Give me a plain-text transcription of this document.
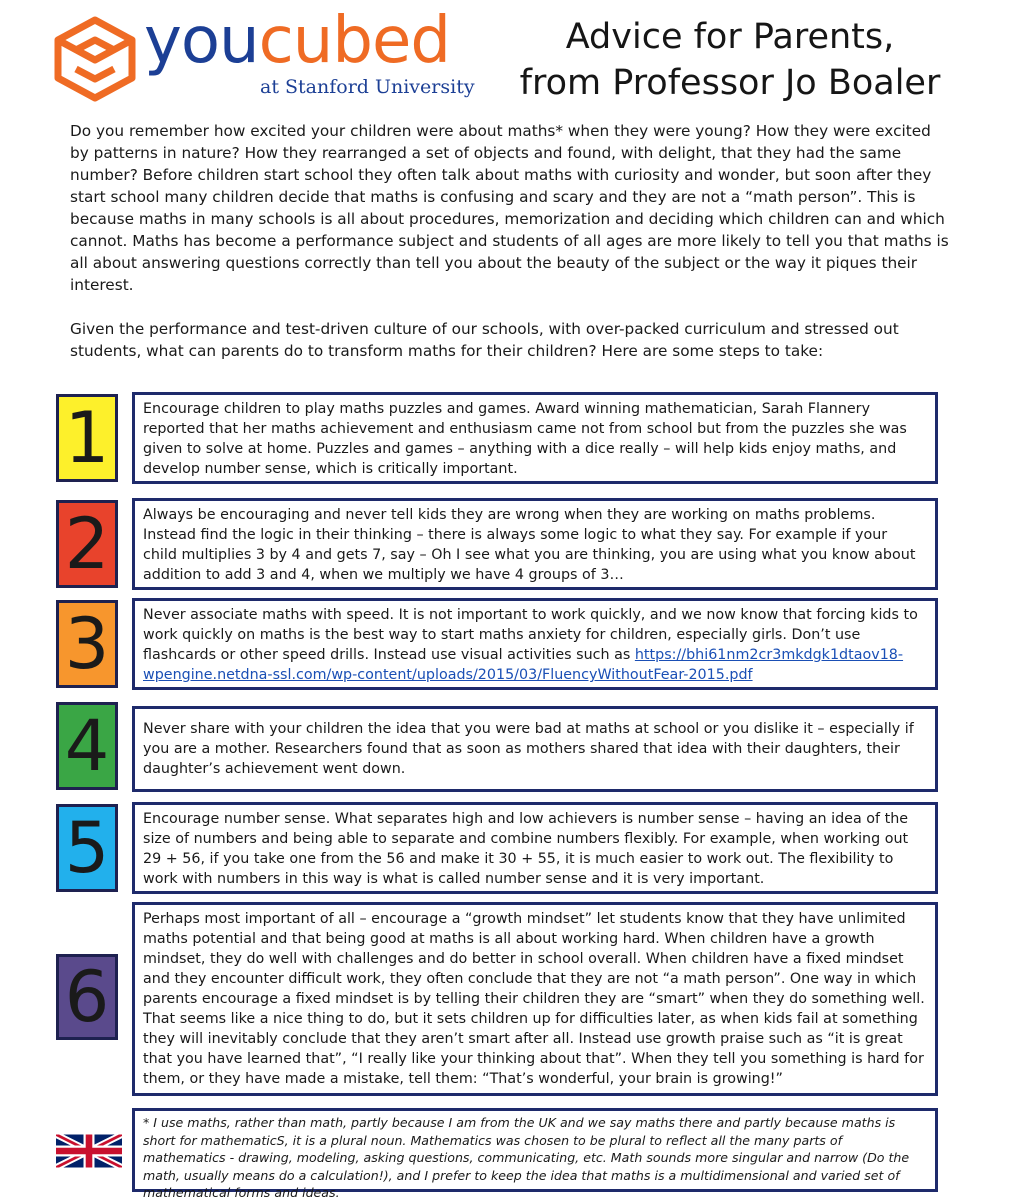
youcubed
at Stanford University
Advice for Parents,
from Professor Jo Boaler

Do you remember how excited your children were about maths* when they were young? How they were excited by patterns in nature? How they rearranged a set of objects and found, with delight, that they had the same number? Before children start school they often talk about maths with curiosity and wonder, but soon after they start school many children decide that maths is confusing and scary and they are not a “math person”. This is because maths in many schools is all about procedures, memorization and deciding which children can and which cannot. Maths has become a performance subject and students of all ages are more likely to tell you that maths is all about answering questions correctly than tell you about the beauty of the subject or the way it piques their interest.

Given the performance and test-driven culture of our schools, with over-packed curriculum and stressed out students, what can parents do to transform maths for their children? Here are some steps to take:

1	Encourage children to play maths puzzles and games. Award winning mathematician, Sarah Flannery reported that her maths achievement and enthusiasm came not from school but from the puzzles she was given to solve at home. Puzzles and games – anything with a dice really – will help kids enjoy maths, and develop number sense, which is critically important.
2	Always be encouraging and never tell kids they are wrong when they are working on maths problems. Instead find the logic in their thinking – there is always some logic to what they say. For example if your child multiplies 3 by 4 and gets 7, say – Oh I see what you are thinking, you are using what you know about addition to add 3 and 4, when we multiply we have 4 groups of 3…
3	Never associate maths with speed. It is not important to work quickly, and we now know that forcing kids to work quickly on maths is the best way to start maths anxiety for children, especially girls. Don’t use flashcards or other speed drills. Instead use visual activities such as https://bhi61nm2cr3mkdgk1dtaov18-wpengine.netdna-ssl.com/wp-content/uploads/2015/03/FluencyWithoutFear-2015.pdf
4	Never share with your children the idea that you were bad at maths at school or you dislike it – especially if you are a mother. Researchers found that as soon as mothers shared that idea with their daughters, their daughter’s achievement went down.
5	Encourage number sense. What separates high and low achievers is number sense – having an idea of the size of numbers and being able to separate and combine numbers flexibly. For example, when working out 29 + 56, if you take one from the 56 and make it 30 + 55, it is much easier to work out. The flexibility to work with numbers in this way is what is called number sense and it is very important.
6
Perhaps most important of all – encourage a “growth mindset” let students know that they have unlimited maths potential and that being good at maths is all about working hard. When children have a growth mindset, they do well with challenges and do better in school overall. When children have a fixed mindset and they encounter difficult work, they often conclude that they are not “a math person”. One way in which parents encourage a fixed mindset is by telling their children they are “smart” when they do something well. That seems like a nice thing to do, but it sets children up for difficulties later, as when kids fail at something they will inevitably conclude that they aren’t smart after all. Instead use growth praise such as “it is great that you have learned that”, “I really like your thinking about that”. When they tell you something is hard for them, or they have made a mistake, tell them: “That’s wonderful, your brain is growing!”
* I use maths, rather than math, partly because I am from the UK and we say maths there and partly because maths is short for mathematicS, it is a plural noun. Mathematics was chosen to be plural to reflect all the many parts of mathematics - drawing, modeling, asking questions, communicating, etc. Math sounds more singular and narrow (Do the math, usually means do a calculation!), and I prefer to keep the idea that maths is a multidimensional and varied set of mathematical forms and ideas.
